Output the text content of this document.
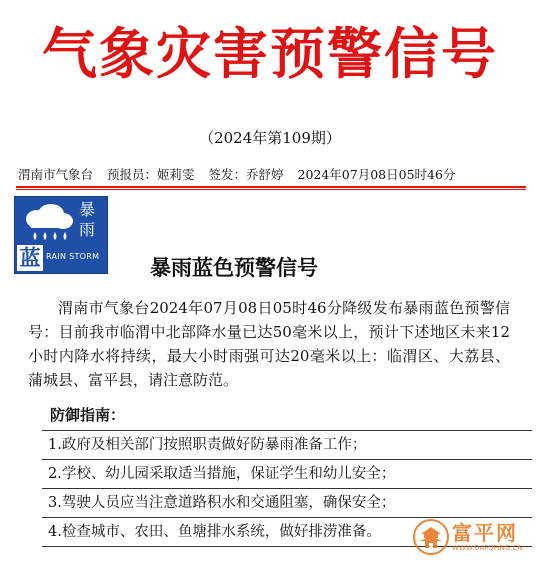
气象灾害预警信号
（2024年第109期）
渭南市气象台 预报员：姬莉雯 签发：乔舒婷 2024年07月08日05时46分
暴
雨
蓝 RAIN STORM 暴雨蓝色预警信号
渭南市气象台2024年07月08日05时46分降级发布暴雨蓝色预警信号：目前我市临渭中北部降水量已达50毫米以上，预计下述地区未来12小时内降水将持续，最大小时雨强可达20毫米以上：临渭区、大荔县、蒲城县、富平县，请注意防范。
防御指南：
1.政府及相关部门按照职责做好防暴雨准备工作；
2.学校、幼儿园采取适当措施，保证学生和幼儿安全；
3.驾驶人员应当注意道路积水和交通阻塞，确保安全；
4.检查城市、农田、鱼塘排水系统，做好排涝准备。	富平网
WWW.DAFUPING.CN
